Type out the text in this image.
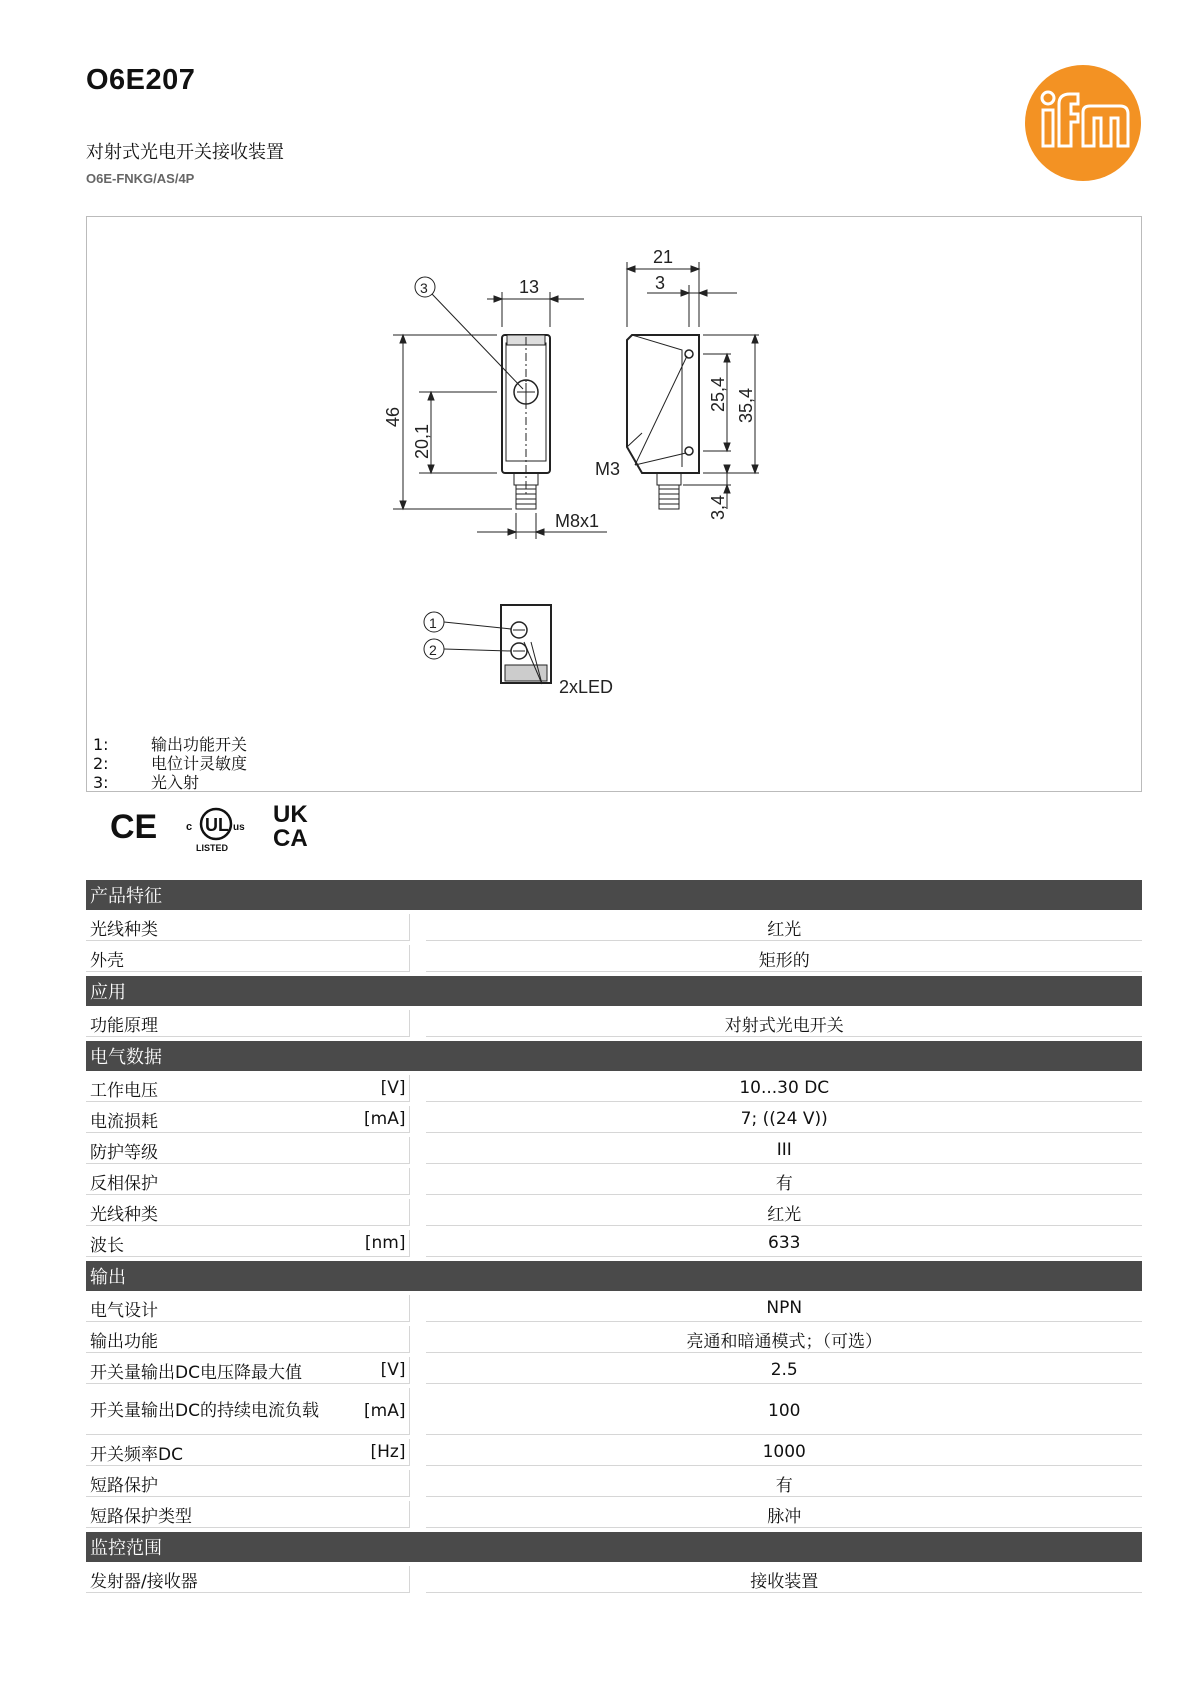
O6E207
对射式光电开关接收装置
O6E-FNKG/AS/4P	ifm
13
46
20,1
M8x1
3
21
3
25,4 35,4
3,4
M3
1
2
2xLED
1:	输出功能开关
2:	电位计灵敏度
3:	光入射
CE	UL
c	us
LISTED
UK
CA
产品特征			
光线种类			红光
外壳			矩形的
应用			
功能原理			对射式光电开关
电气数据			
工作电压	[V]		10...30 DC
电流损耗	[mA]		7; ((24 V))
防护等级			III
反相保护			有
光线种类			红光
波长	[nm]		633
输出			
电气设计			NPN
输出功能			亮通和暗通模式；（可选）
开关量输出DC电压降最大值	[V]		2.5
开关量输出DC的持续电流负载	[mA]		100
开关频率DC	[Hz]		1000
短路保护			有
短路保护类型			脉冲
监控范围			
发射器/接收器			接收装置
